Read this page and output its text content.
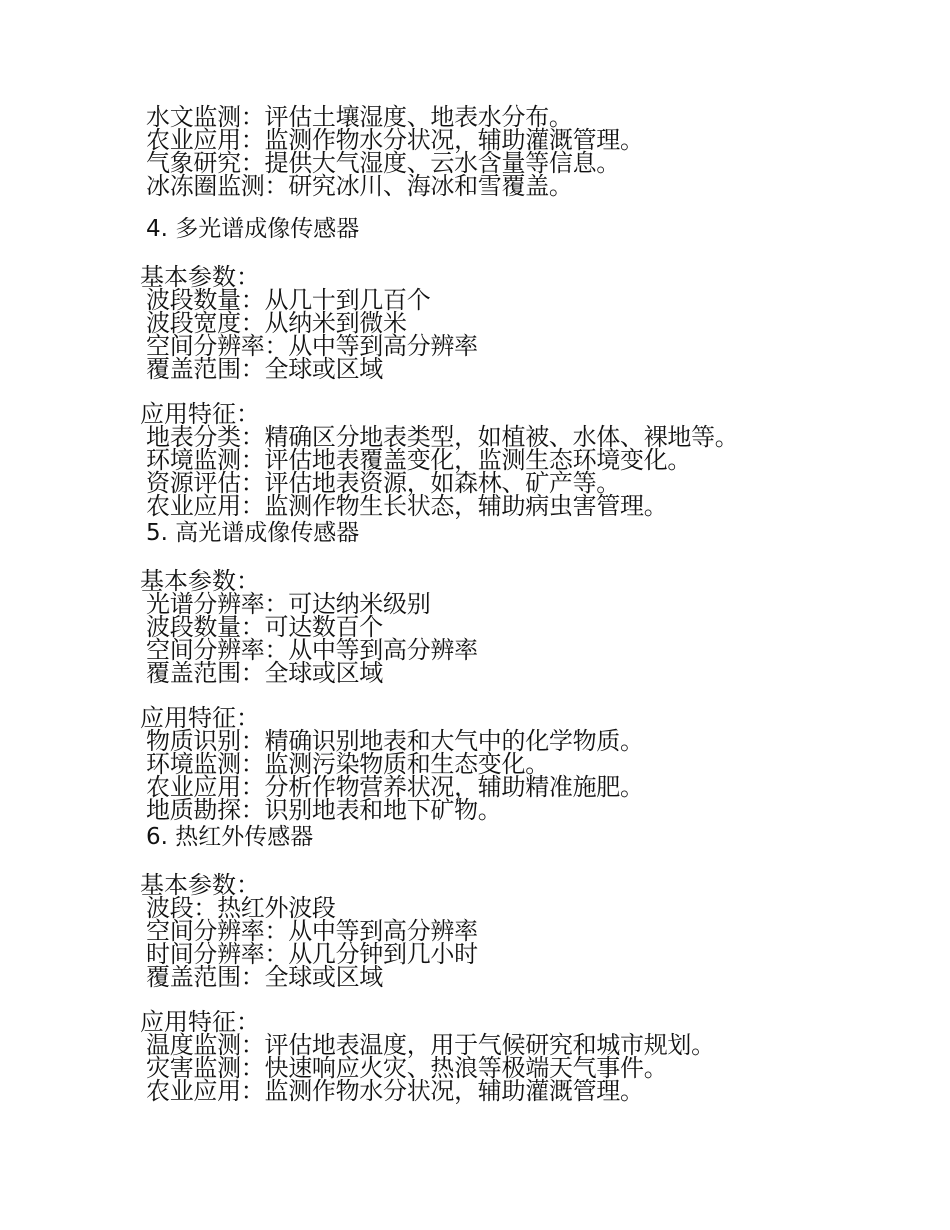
水文监测：评估土壤湿度、地表水分布。
农业应用：监测作物水分状况，辅助灌溉管理。
气象研究：提供大气湿度、云水含量等信息。
冰冻圈监测：研究冰川、海冰和雪覆盖。
4. 多光谱成像传感器
基本参数：
波段数量：从几十到几百个
波段宽度：从纳米到微米
空间分辨率：从中等到高分辨率
覆盖范围：全球或区域
应用特征：
地表分类：精确区分地表类型，如植被、水体、裸地等。
环境监测：评估地表覆盖变化，监测生态环境变化。
资源评估：评估地表资源，如森林、矿产等。
农业应用：监测作物生长状态，辅助病虫害管理。
5. 高光谱成像传感器
基本参数：
光谱分辨率：可达纳米级别
波段数量：可达数百个
空间分辨率：从中等到高分辨率
覆盖范围：全球或区域
应用特征：
物质识别：精确识别地表和大气中的化学物质。
环境监测：监测污染物质和生态变化。
农业应用：分析作物营养状况，辅助精准施肥。
地质勘探：识别地表和地下矿物。
6. 热红外传感器
基本参数：
波段：热红外波段
空间分辨率：从中等到高分辨率
时间分辨率：从几分钟到几小时
覆盖范围：全球或区域
应用特征：
温度监测：评估地表温度，用于气候研究和城市规划。
灾害监测：快速响应火灾、热浪等极端天气事件。
农业应用：监测作物水分状况，辅助灌溉管理。
